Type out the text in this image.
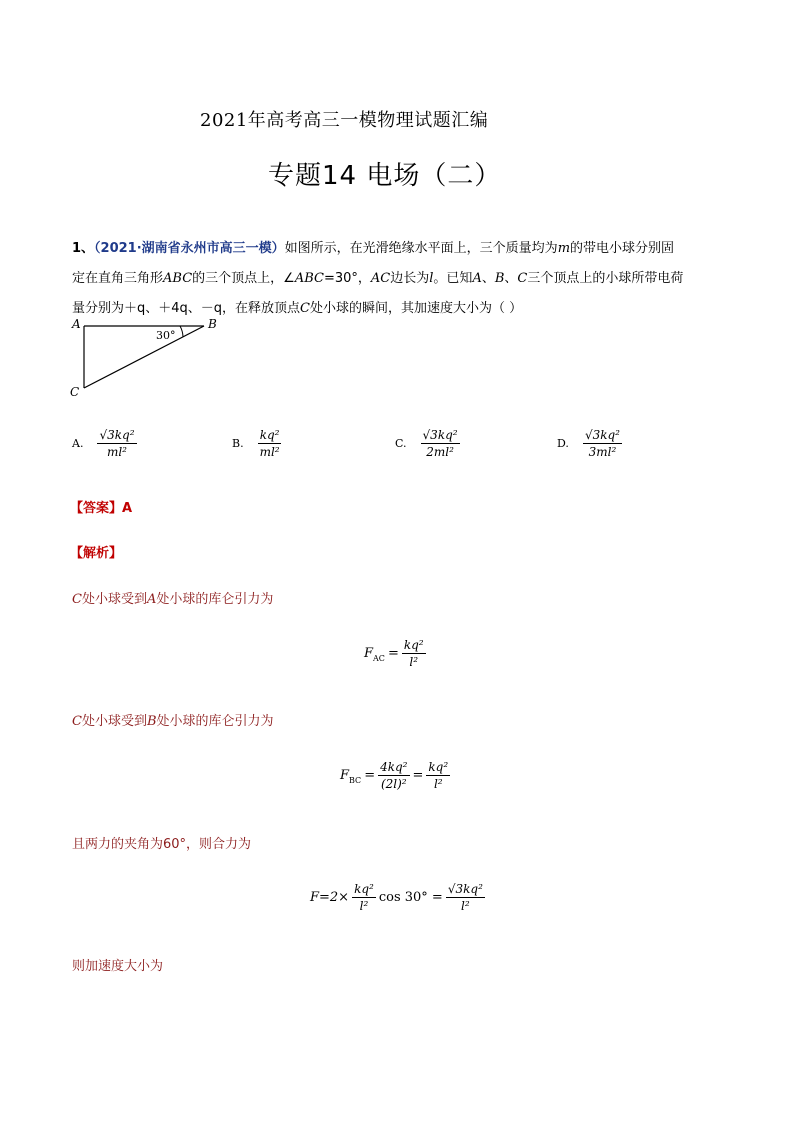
2021年高考高三一模物理试题汇编
专题14 电场（二）
1、（2021·湖南省永州市高三一模）如图所示，在光滑绝缘水平面上，三个质量均为m的带电小球分别固
定在直角三角形ABC的三个顶点上，∠ABC=30°，AC边长为l。已知A、B、C三个顶点上的小球所带电荷
量分别为＋q、＋4q、－q，在释放顶点C处小球的瞬间，其加速度大小为（ ）
A	B
C
30°
A. $\frac{\text{√3kq²}}{\text{ml²}}$	B. $\frac{\text{kq²}}{\text{ml²}}$	C. $\frac{\text{√3kq²}}{\text{2ml²}}$	D. $\frac{\text{√3kq²}}{\text{3ml²}}$
【答案】A
【解析】
C处小球受到A处小球的库仑引力为
$F_{AC} = \frac{\text{kq²}}{\text{l²}}$
C处小球受到B处小球的库仑引力为
$F_{BC} = \frac{\text{4kq²}}{\text{(2l)²}} = \frac{\text{kq²}}{\text{l²}}$
且两力的夹角为60°，则合力为
$F=2\times \frac{\text{kq²}}{\text{l²}}$ $\cos 30^\circ = \frac{\text{√3kq²}}{\text{l²}}$
则加速度大小为
